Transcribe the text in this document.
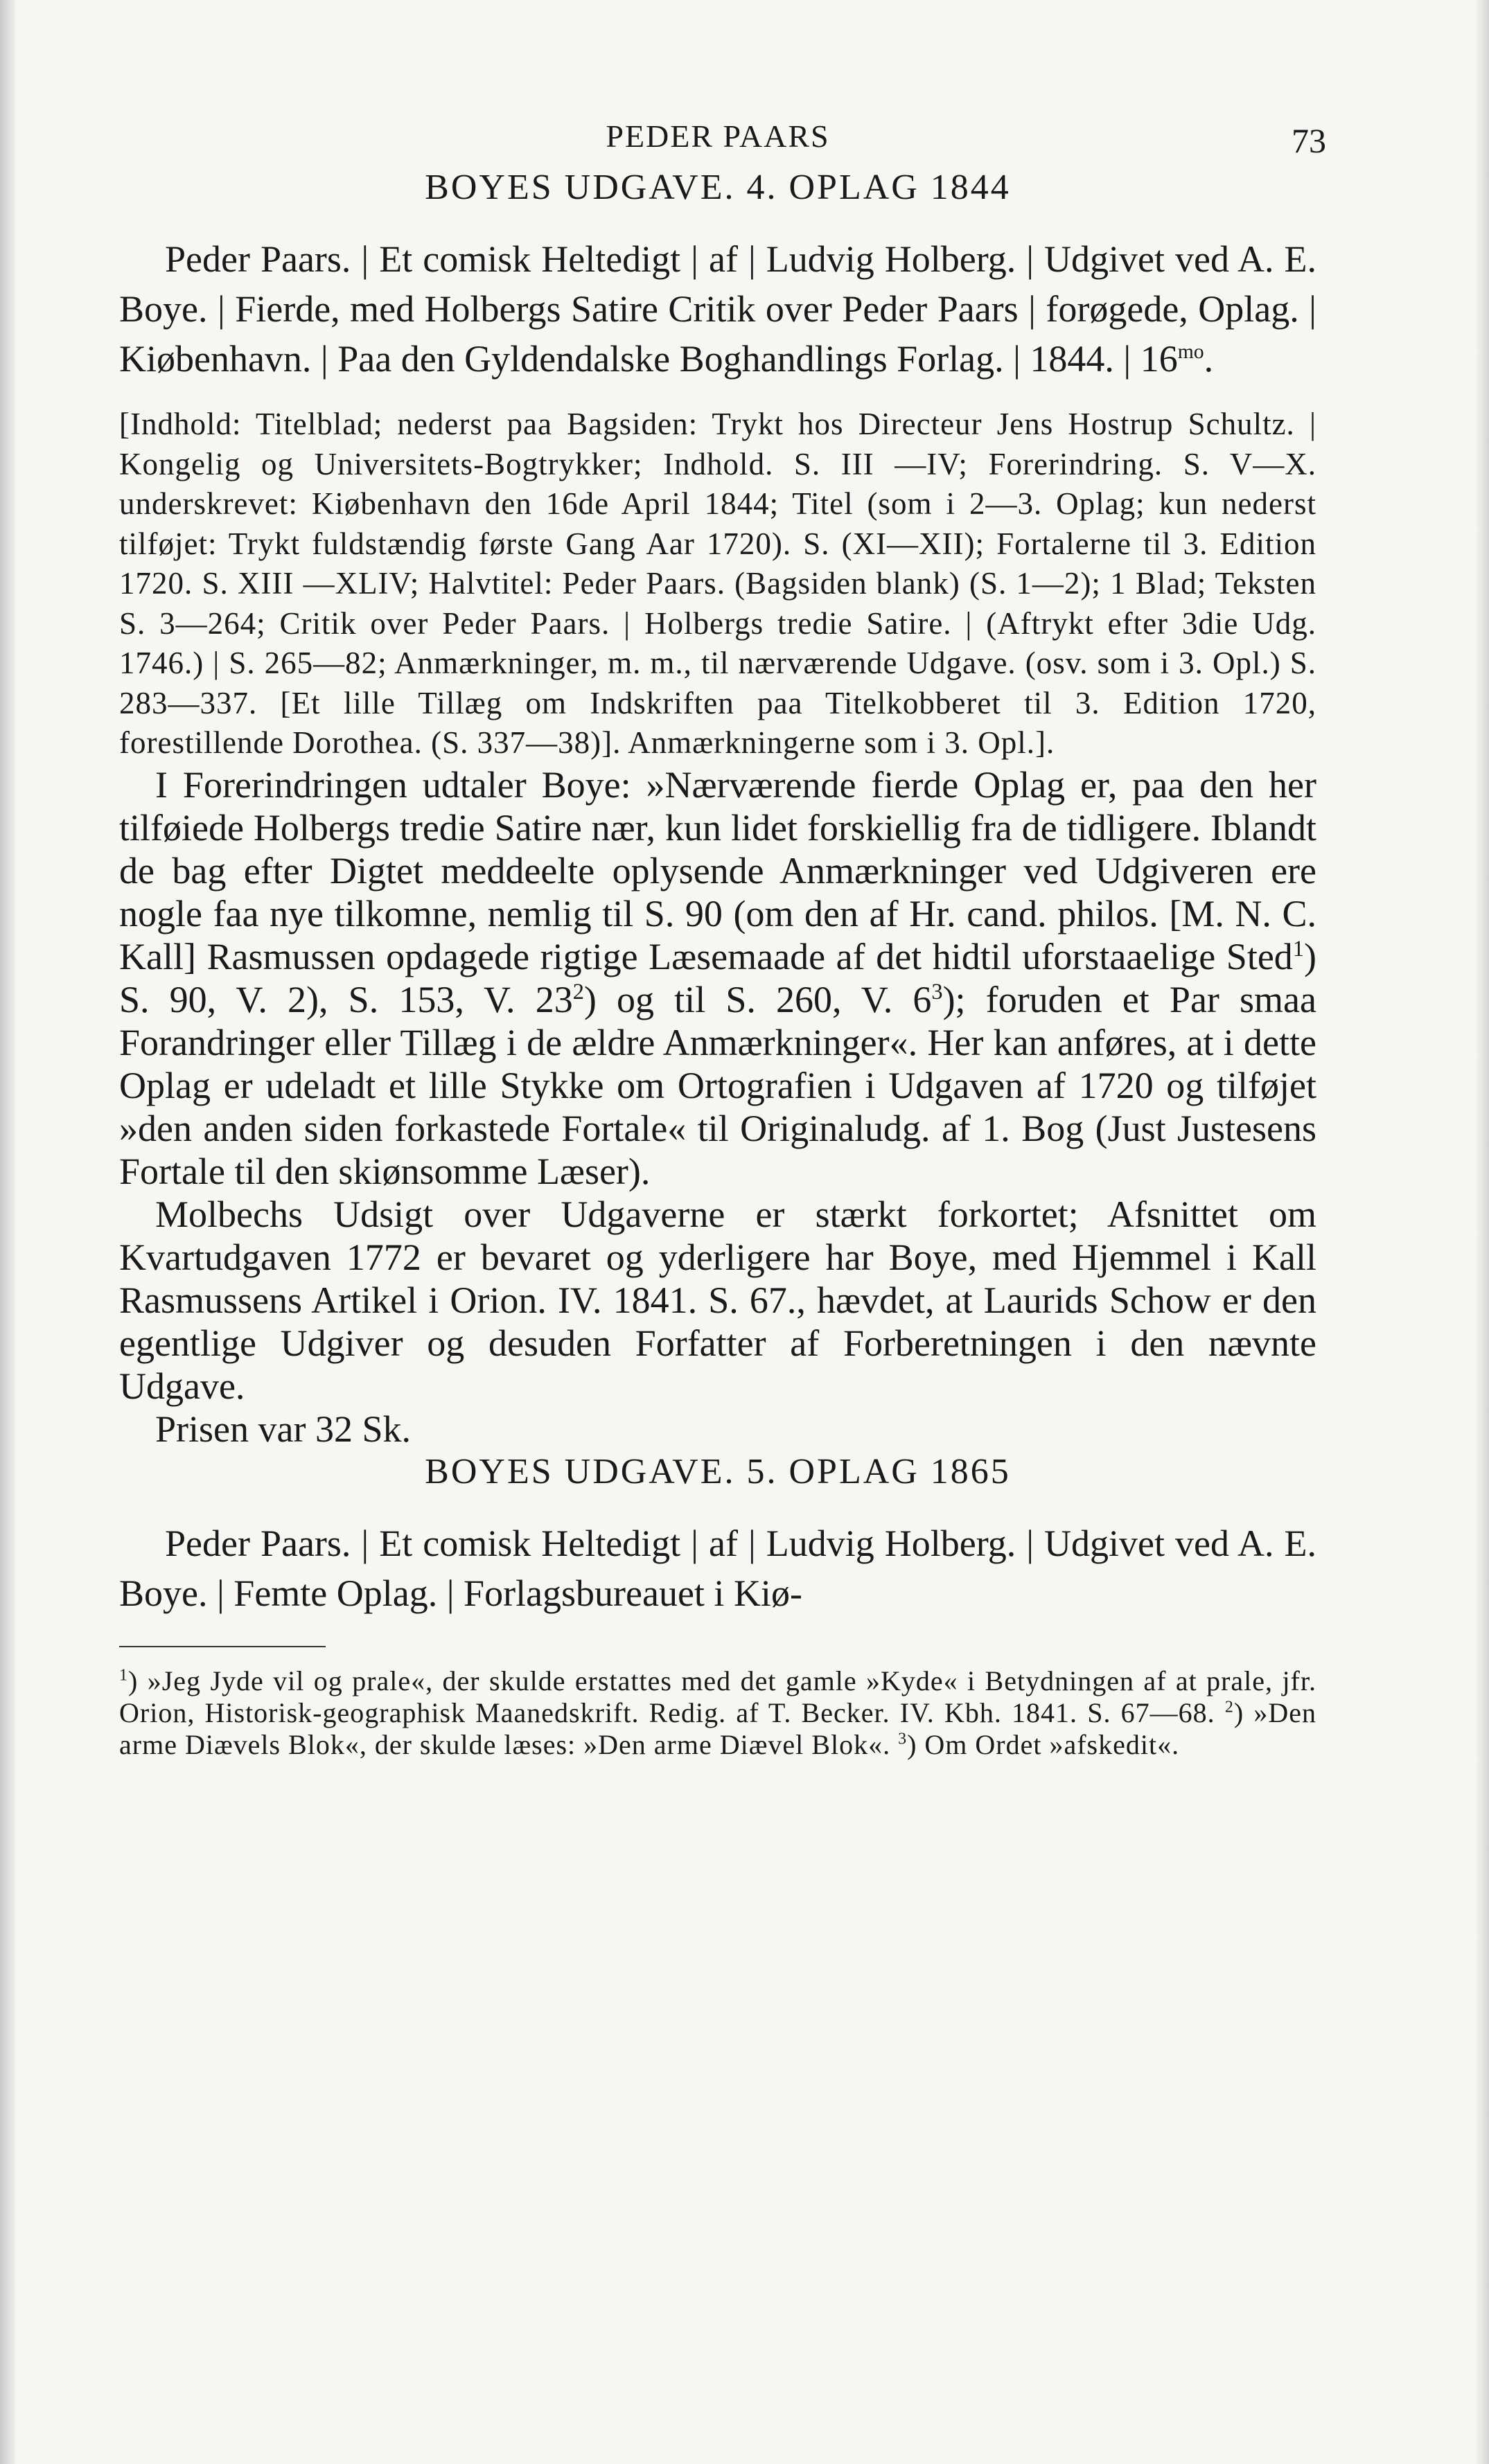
PEDER PAARS	73
BOYES UDGAVE. 4. OPLAG 1844

Peder Paars. | Et comisk Heltedigt | af | Ludvig Holberg. | Udgivet ved A. E. Boye. | Fierde, med Holbergs Satire Critik over Peder Paars | forøgede, Oplag. | Kiøbenhavn. | Paa den Gyldendalske Boghandlings Forlag. | 1844. | $16^{mo}$.

[Indhold: Titelblad; nederst paa Bagsiden: Trykt hos Directeur Jens Hostrup Schultz. | Kongelig og Universitets-Bogtrykker; Indhold. S. III —IV; Forerindring. S. V—X. underskrevet: Kiøbenhavn den 16de April 1844; Titel (som i 2—3. Oplag; kun nederst tilføjet: Trykt fuldstændig første Gang Aar 1720). S. (XI—XII); Fortalerne til 3. Edition 1720. S. XIII —XLIV; Halvtitel: Peder Paars. (Bagsiden blank) (S. 1—2); 1 Blad; Teksten S. 3—264; Critik over Peder Paars. | Holbergs tredie Satire. | (Aftrykt efter 3die Udg. 1746.) | S. 265—82; Anmærkninger, m. m., til nærværende Udgave. (osv. som i 3. Opl.) S. 283—337. [Et lille Tillæg om Indskriften paa Titelkobberet til 3. Edition 1720, forestillende Dorothea. (S. 337—38)]. Anmærkningerne som i 3. Opl.].

I Forerindringen udtaler Boye: »Nærværende fierde Oplag er, paa den her tilføiede Holbergs tredie Satire nær, kun lidet forskiellig fra de tidligere. Iblandt de bag efter Digtet meddeelte oplysende Anmærkninger ved Udgiveren ere nogle faa nye tilkomne, nemlig til S. 90 (om den af Hr. cand. philos. [M. N. C. Kall] Rasmussen opdagede rigtige Læsemaade af det hidtil uforstaaelige Sted$^1$) S. 90, V. 2), S. 153, V. $23^2$) og til S. 260, V. $6^3$); foruden et Par smaa Forandringer eller Tillæg i de ældre Anmærkninger«. Her kan anføres, at i dette Oplag er udeladt et lille Stykke om Ortografien i Udgaven af 1720 og tilføjet »den anden siden forkastede Fortale« til Originaludg. af 1. Bog (Just Justesens Fortale til den skiønsomme Læser).

Molbechs Udsigt over Udgaverne er stærkt forkortet; Afsnittet om Kvartudgaven 1772 er bevaret og yderligere har Boye, med Hjemmel i Kall Rasmussens Artikel i Orion. IV. 1841. S. 67., hævdet, at Laurids Schow er den egentlige Udgiver og desuden Forfatter af Forberetningen i den nævnte Udgave.

Prisen var 32 Sk.

BOYES UDGAVE. 5. OPLAG 1865

Peder Paars. | Et comisk Heltedigt | af | Ludvig Holberg. | Udgivet ved A. E. Boye. | Femte Oplag. | Forlagsbureauet i Kiø-

$^1$) »Jeg Jyde vil og prale«, der skulde erstattes med det gamle »Kyde« i Betydningen af at prale, jfr. Orion, Historisk-geographisk Maanedskrift. Redig. af T. Becker. IV. Kbh. 1841. S. 67—68. $^2$) »Den arme Diævels Blok«, der skulde læses: »Den arme Diævel Blok«. $^3$) Om Ordet »afskedit«.
